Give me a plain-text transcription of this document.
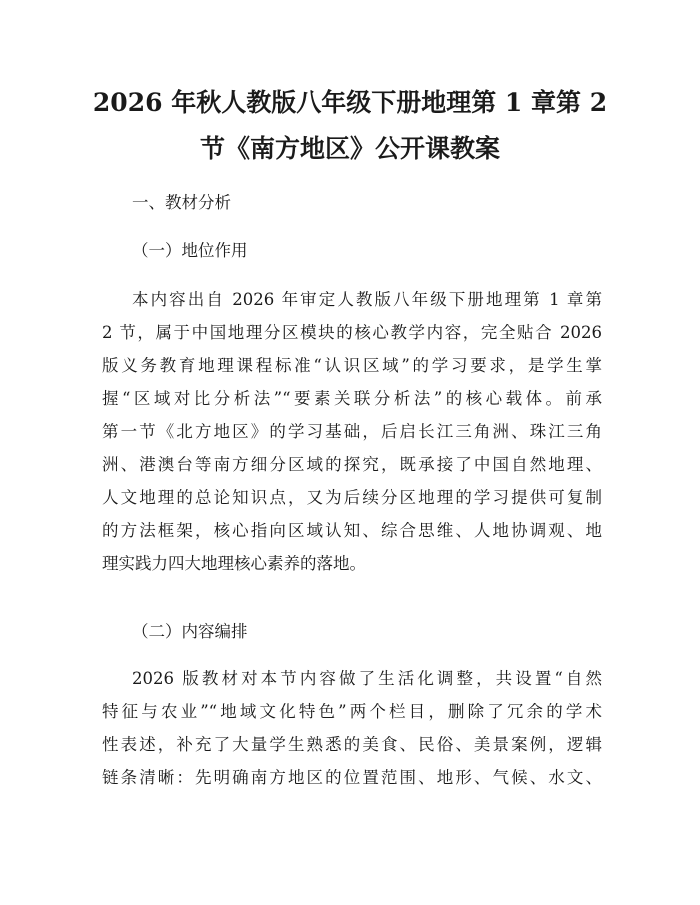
2026 年秋人教版八年级下册地理第 1 章第 2
节《南方地区》公开课教案
一、教材分析
（一）地位作用
本内容出自 2026 年审定人教版八年级下册地理第 1 章第
2 节，属于中国地理分区模块的核心教学内容，完全贴合 2026
版义务教育地理课程标准“认识区域”的学习要求，是学生掌
握“区域对比分析法”“要素关联分析法”的核心载体。前承
第一节《北方地区》的学习基础，后启长江三角洲、珠江三角
洲、港澳台等南方细分区域的探究，既承接了中国自然地理、
人文地理的总论知识点，又为后续分区地理的学习提供可复制
的方法框架，核心指向区域认知、综合思维、人地协调观、地
理实践力四大地理核心素养的落地。
（二）内容编排
2026 版教材对本节内容做了生活化调整，共设置“自然
特征与农业”“地域文化特色”两个栏目，删除了冗余的学术
性表述，补充了大量学生熟悉的美食、民俗、美景案例，逻辑
链条清晰：先明确南方地区的位置范围、地形、气候、水文、
